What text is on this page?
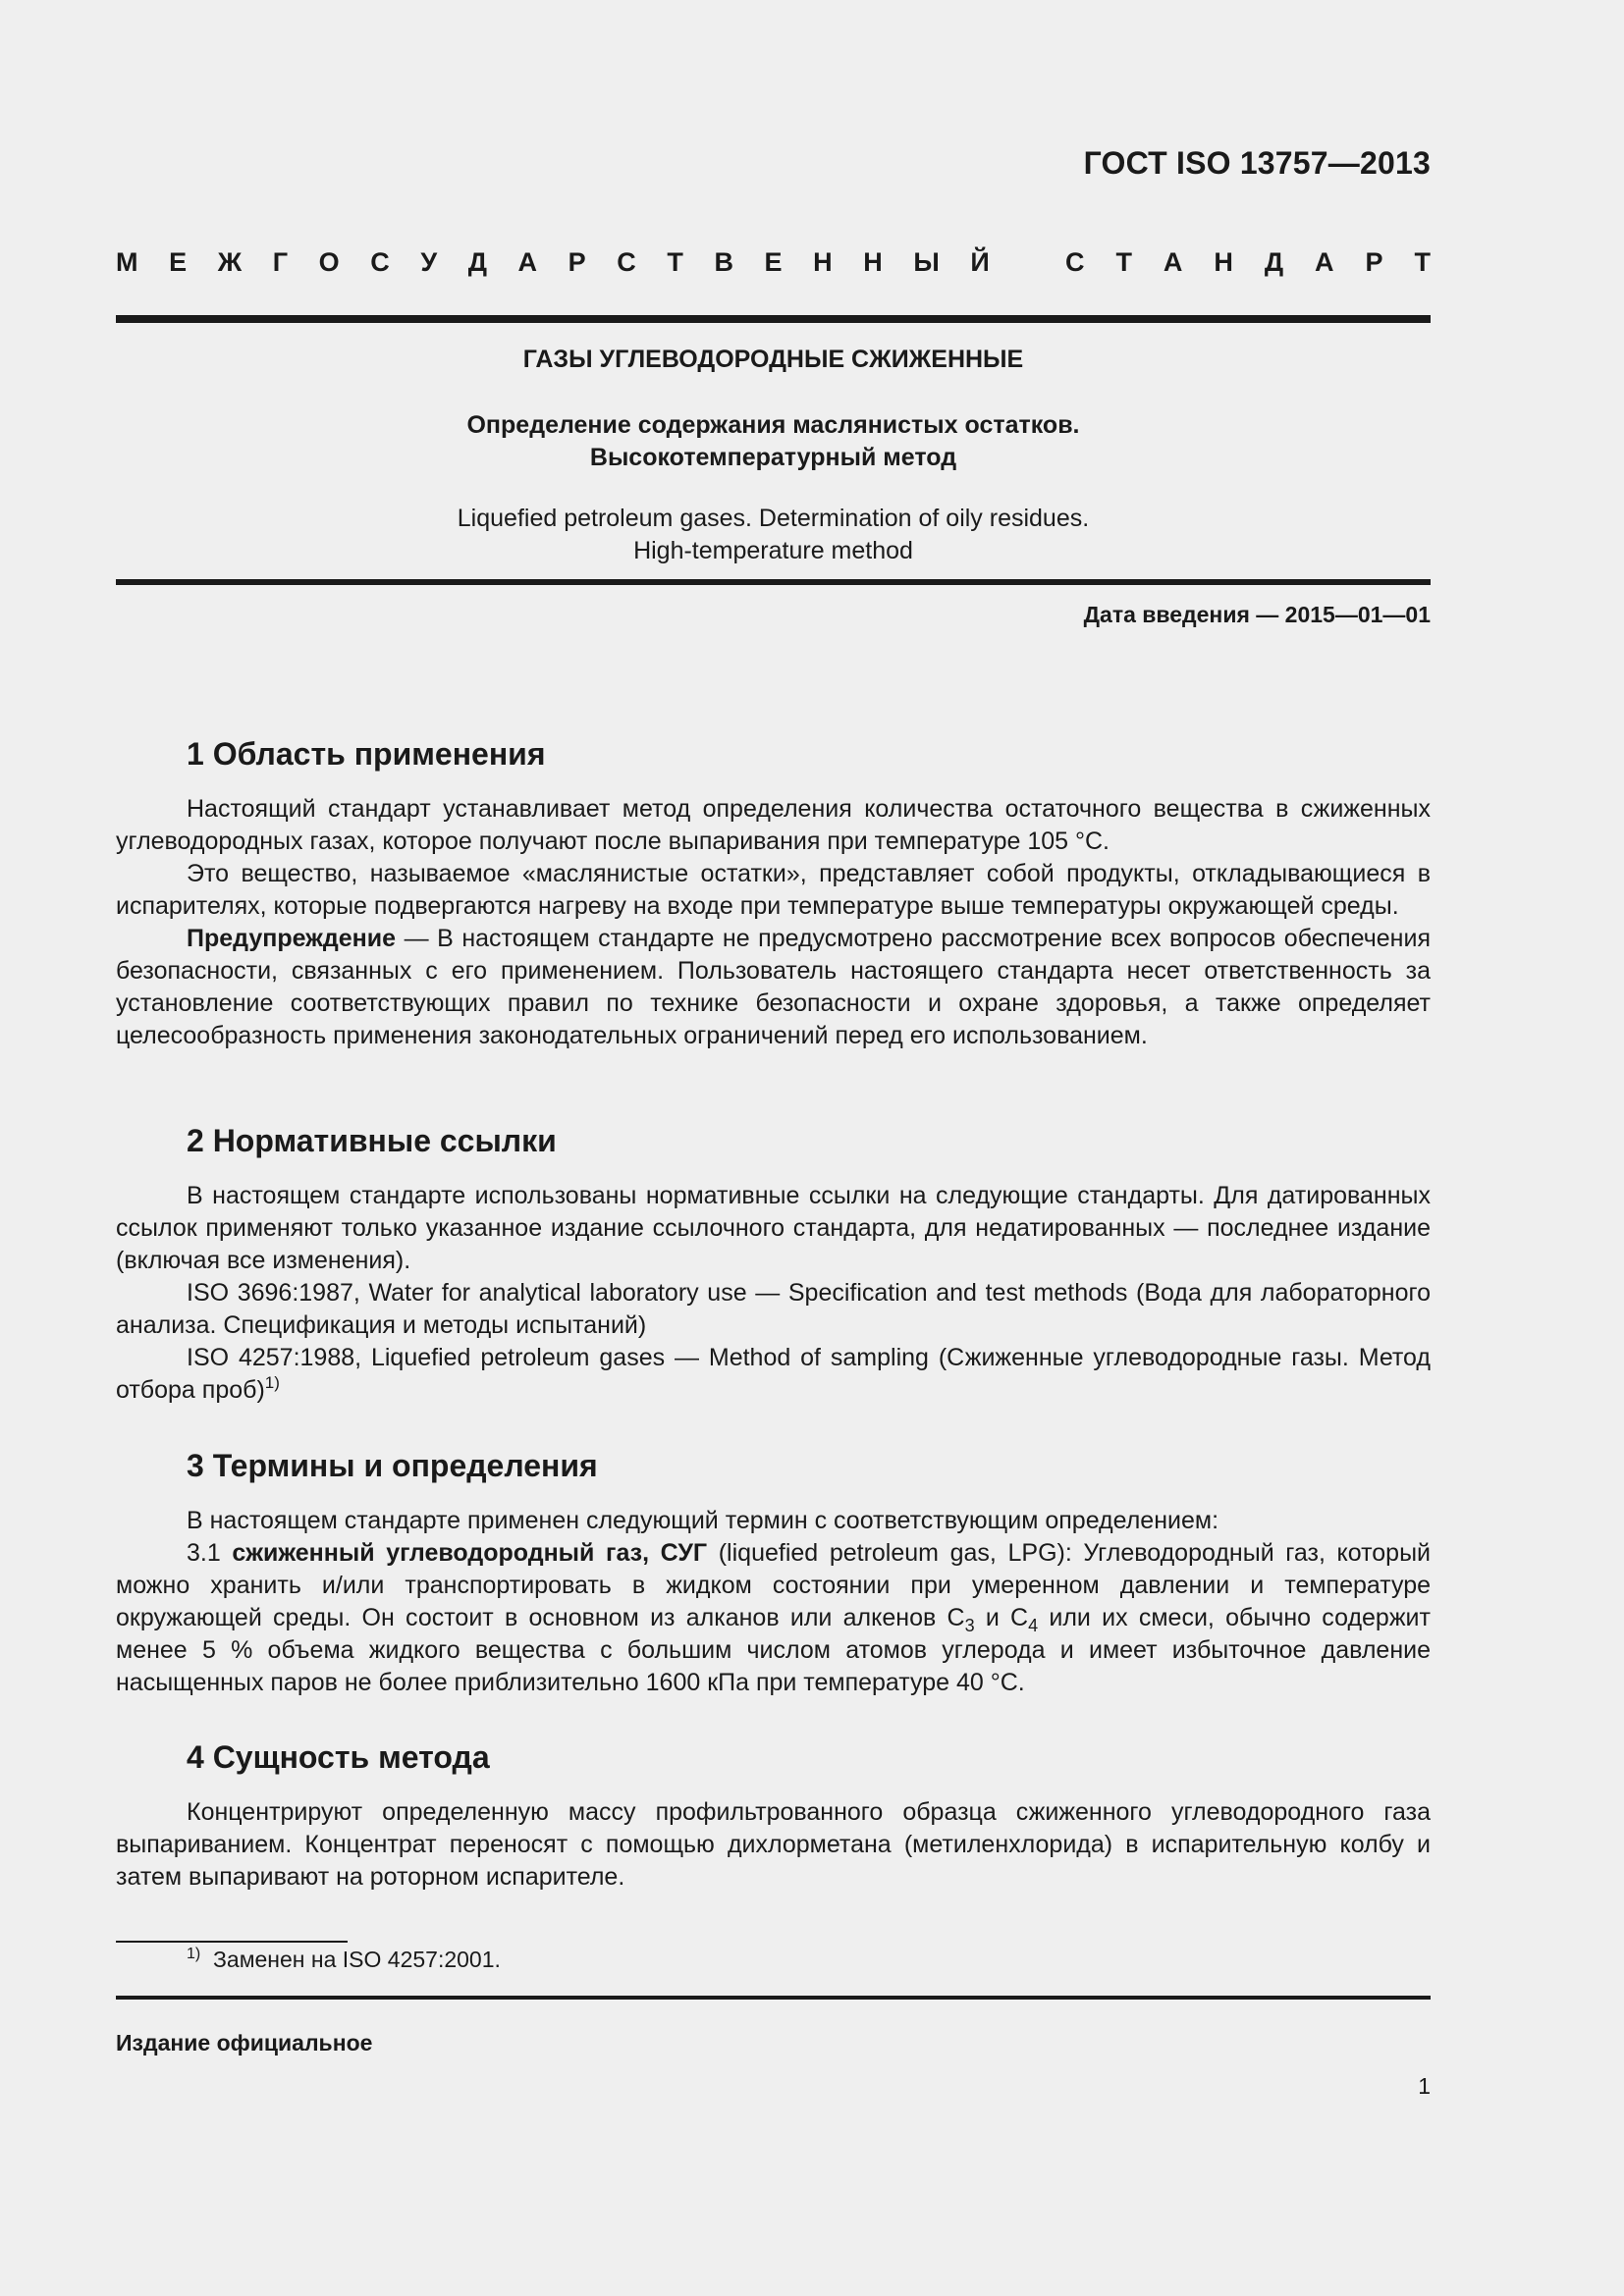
ГОСТ ISO 13757—2013
М Е Ж Г О С У Д А Р С Т В Е Н Н Ы Й	С Т А Н Д А Р Т
ГАЗЫ УГЛЕВОДОРОДНЫЕ СЖИЖЕННЫЕ
Определение содержания маслянистых остатков.
Высокотемпературный метод
Liquefied petroleum gases. Determination of oily residues.
High-temperature method
Дата введения — 2015—01—01
1 Область применения

Настоящий стандарт устанавливает метод определения количества остаточного вещества в сжиженных углеводородных газах, которое получают после выпаривания при температуре 105 °С.

Это вещество, называемое «маслянистые остатки», представляет собой продукты, откладывающиеся в испарителях, которые подвергаются нагреву на входе при температуре выше температуры окружающей среды.

Предупреждение — В настоящем стандарте не предусмотрено рассмотрение всех вопросов обеспечения безопасности, связанных с его применением. Пользователь настоящего стандарта несет ответственность за установление соответствующих правил по технике безопасности и охране здоровья, а также определяет целесообразность применения законодательных ограничений перед его использованием.

2 Нормативные ссылки

В настоящем стандарте использованы нормативные ссылки на следующие стандарты. Для датированных ссылок применяют только указанное издание ссылочного стандарта, для недатированных — последнее издание (включая все изменения).

ISO 3696:1987, Water for analytical laboratory use — Specification and test methods (Вода для лабораторного анализа. Спецификация и методы испытаний)

ISO 4257:1988, Liquefied petroleum gases — Method of sampling (Сжиженные углеводородные газы. Метод отбора проб)$^{1)}$

3 Термины и определения

В настоящем стандарте применен следующий термин с соответствующим определением:

3.1 сжиженный углеводородный газ, СУГ (liquefied petroleum gas, LPG): Углеводородный газ, который можно хранить и/или транспортировать в жидком состоянии при умеренном давлении и температуре окружающей среды. Он состоит в основном из алканов или алкенов $С_3$ и $С_4$ или их смеси, обычно содержит менее 5 % объема жидкого вещества с большим числом атомов углерода и имеет избыточное давление насыщенных паров не более приблизительно 1600 кПа при температуре 40 °С.

4 Сущность метода

Концентрируют определенную массу профильтрованного образца сжиженного углеводородного газа выпариванием. Концентрат переносят с помощью дихлорметана (метиленхлорида) в испарительную колбу и затем выпаривают на роторном испарителе.

$^{1)}$ Заменен на ISO 4257:2001.
Издание официальное
1
